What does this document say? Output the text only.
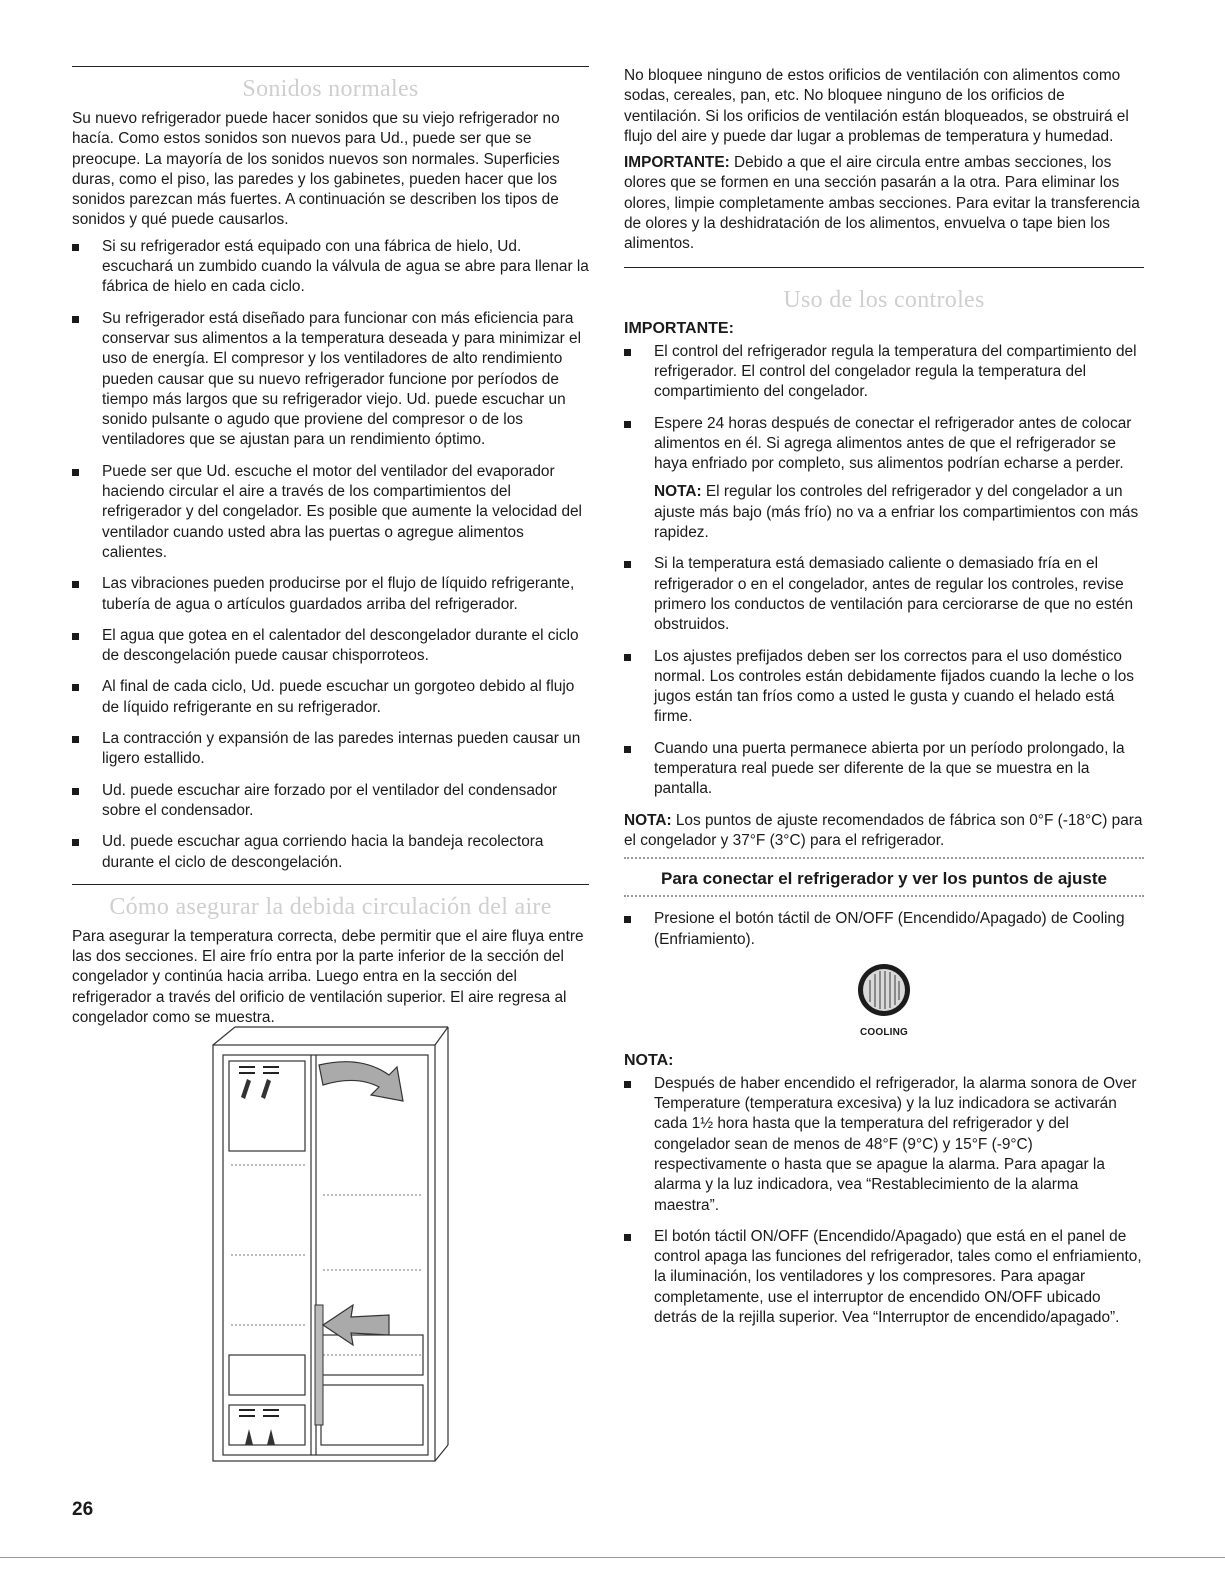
Sonidos normales

Su nuevo refrigerador puede hacer sonidos que su viejo refrigerador no hacía. Como estos sonidos son nuevos para Ud., puede ser que se preocupe. La mayoría de los sonidos nuevos son normales. Superficies duras, como el piso, las paredes y los gabinetes, pueden hacer que los sonidos parezcan más fuertes. A continuación se describen los tipos de sonidos y qué puede causarlos.

Si su refrigerador está equipado con una fábrica de hielo, Ud. escuchará un zumbido cuando la válvula de agua se abre para llenar la fábrica de hielo en cada ciclo.
Su refrigerador está diseñado para funcionar con más eficiencia para conservar sus alimentos a la temperatura deseada y para minimizar el uso de energía. El compresor y los ventiladores de alto rendimiento pueden causar que su nuevo refrigerador funcione por períodos de tiempo más largos que su refrigerador viejo. Ud. puede escuchar un sonido pulsante o agudo que proviene del compresor o de los ventiladores que se ajustan para un rendimiento óptimo.
Puede ser que Ud. escuche el motor del ventilador del evaporador haciendo circular el aire a través de los compartimientos del refrigerador y del congelador. Es posible que aumente la velocidad del ventilador cuando usted abra las puertas o agregue alimentos calientes.
Las vibraciones pueden producirse por el flujo de líquido refrigerante, tubería de agua o artículos guardados arriba del refrigerador.
El agua que gotea en el calentador del descongelador durante el ciclo de descongelación puede causar chisporroteos.
Al final de cada ciclo, Ud. puede escuchar un gorgoteo debido al flujo de líquido refrigerante en su refrigerador.
La contracción y expansión de las paredes internas pueden causar un ligero estallido.
Ud. puede escuchar aire forzado por el ventilador del condensador sobre el condensador.
Ud. puede escuchar agua corriendo hacia la bandeja recolectora durante el ciclo de descongelación.
Cómo asegurar la debida circulación del aire

Para asegurar la temperatura correcta, debe permitir que el aire fluya entre las dos secciones. El aire frío entra por la parte inferior de la sección del congelador y continúa hacia arriba. Luego entra en la sección del refrigerador a través del orificio de ventilación superior. El aire regresa al congelador como se muestra.

No bloquee ninguno de estos orificios de ventilación con alimentos como sodas, cereales, pan, etc. No bloquee ninguno de los orificios de ventilación. Si los orificios de ventilación están bloqueados, se obstruirá el flujo del aire y puede dar lugar a problemas de temperatura y humedad.

IMPORTANTE: Debido a que el aire circula entre ambas secciones, los olores que se formen en una sección pasarán a la otra. Para eliminar los olores, limpie completamente ambas secciones. Para evitar la transferencia de olores y la deshidratación de los alimentos, envuelva o tape bien los alimentos.

Uso de los controles
IMPORTANTE:
El control del refrigerador regula la temperatura del compartimiento del refrigerador. El control del congelador regula la temperatura del compartimiento del congelador.
Espere 24 horas después de conectar el refrigerador antes de colocar alimentos en él. Si agrega alimentos antes de que el refrigerador se haya enfriado por completo, sus alimentos podrían echarse a perder.
NOTA: El regular los controles del refrigerador y del congelador a un ajuste más bajo (más frío) no va a enfriar los compartimientos con más rapidez.
Si la temperatura está demasiado caliente o demasiado fría en el refrigerador o en el congelador, antes de regular los controles, revise primero los conductos de ventilación para cerciorarse de que no estén obstruidos.
Los ajustes prefijados deben ser los correctos para el uso doméstico normal. Los controles están debidamente fijados cuando la leche o los jugos están tan fríos como a usted le gusta y cuando el helado está firme.
Cuando una puerta permanece abierta por un período prolongado, la temperatura real puede ser diferente de la que se muestra en la pantalla.

NOTA: Los puntos de ajuste recomendados de fábrica son 0°F (-18°C) para el congelador y 37°F (3°C) para el refrigerador.

Para conectar el refrigerador y ver los puntos de ajuste
Presione el botón táctil de ON/OFF (Encendido/Apagado) de Cooling (Enfriamiento).
COOLING
NOTA:
Después de haber encendido el refrigerador, la alarma sonora de Over Temperature (temperatura excesiva) y la luz indicadora se activarán cada 1½ hora hasta que la temperatura del refrigerador y del congelador sean de menos de 48°F (9°C) y 15°F (-9°C) respectivamente o hasta que se apague la alarma. Para apagar la alarma y la luz indicadora, vea “Restablecimiento de la alarma maestra”.
El botón táctil ON/OFF (Encendido/Apagado) que está en el panel de control apaga las funciones del refrigerador, tales como el enfriamiento, la iluminación, los ventiladores y los compresores. Para apagar completamente, use el interruptor de encendido ON/OFF ubicado detrás de la rejilla superior. Vea “Interruptor de encendido/apagado”.
26
